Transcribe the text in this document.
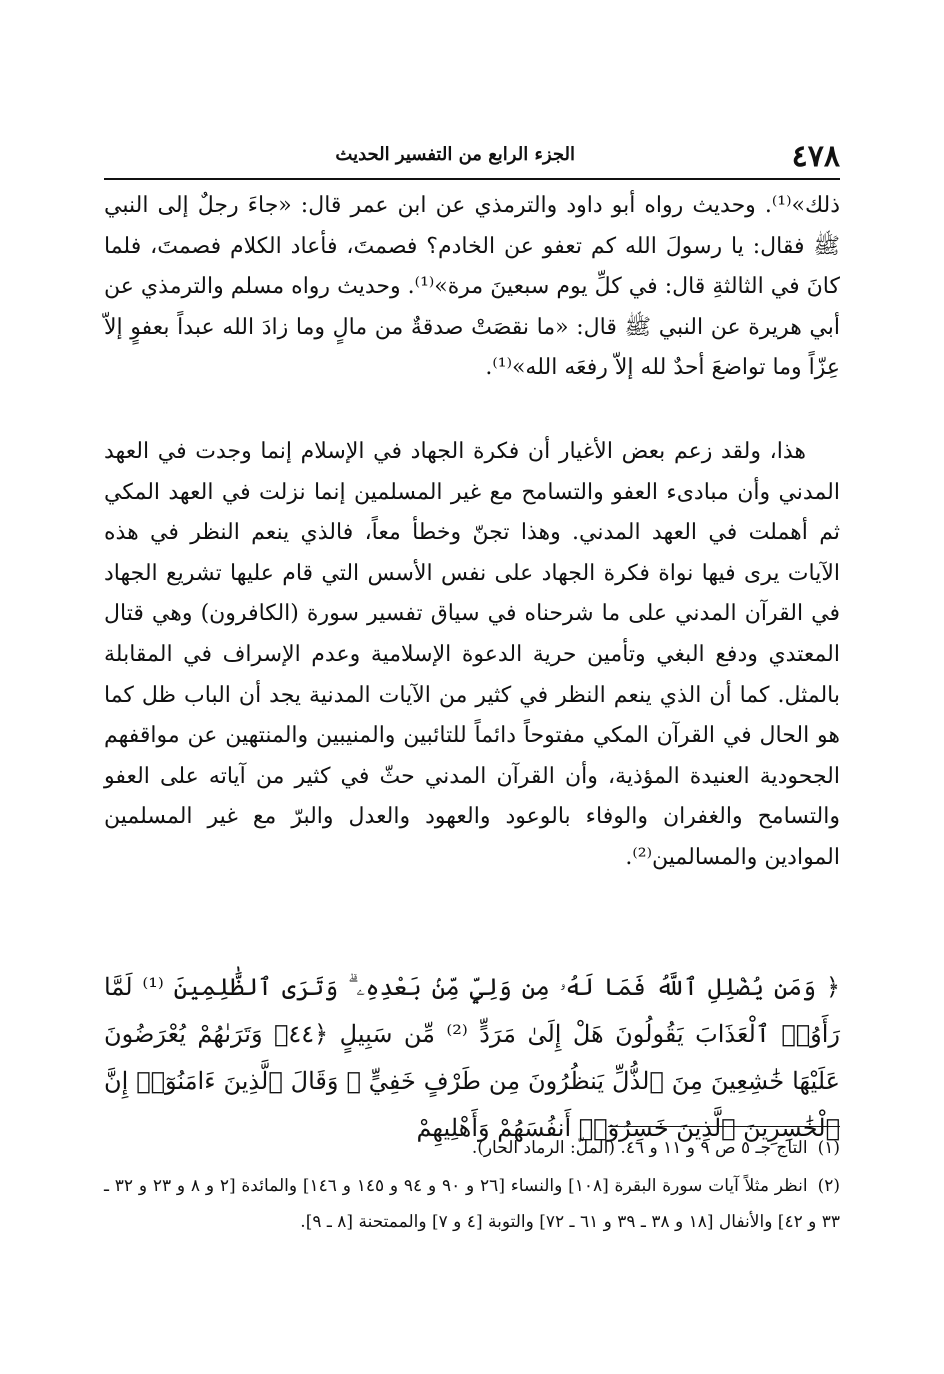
٤٧٨
الجزء الرابع من التفسير الحديث

ذلك»⁽¹⁾. وحديث رواه أبو داود والترمذي عن ابن عمر قال: «جاءَ رجلٌ إلى النبي ﷺ فقال: يا رسولَ الله كم تعفو عن الخادم؟ فصمتَ، فأعاد الكلام فصمتَ، فلما كانَ في الثالثةِ قال: في كلِّ يوم سبعينَ مرة»⁽¹⁾. وحديث رواه مسلم والترمذي عن أبي هريرة عن النبي ﷺ قال: «ما نقصَتْ صدقةٌ من مالٍ وما زادَ الله عبداً بعفوٍ إلاّ عِزّاً وما تواضعَ أحدٌ لله إلاّ رفعَه الله»⁽¹⁾.

هذا، ولقد زعم بعض الأغيار أن فكرة الجهاد في الإسلام إنما وجدت في العهد المدني وأن مبادىء العفو والتسامح مع غير المسلمين إنما نزلت في العهد المكي ثم أهملت في العهد المدني. وهذا تجنّ وخطأ معاً، فالذي ينعم النظر في هذه الآيات يرى فيها نواة فكرة الجهاد على نفس الأسس التي قام عليها تشريع الجهاد في القرآن المدني على ما شرحناه في سياق تفسير سورة (الكافرون) وهي قتال المعتدي ودفع البغي وتأمين حرية الدعوة الإسلامية وعدم الإسراف في المقابلة بالمثل. كما أن الذي ينعم النظر في كثير من الآيات المدنية يجد أن الباب ظل كما هو الحال في القرآن المكي مفتوحاً دائماً للتائبين والمنيبين والمنتهين عن مواقفهم الجحودية العنيدة المؤذية، وأن القرآن المدني حثّ في كثير من آياته على العفو والتسامح والغفران والوفاء بالوعود والعهود والعدل والبرّ مع غير المسلمين الموادين والمسالمين⁽²⁾.

﴿ وَمَن يُضْلِلِ ٱللَّهُ فَمَا لَهُۥ مِن وَلِيٍّ مِّنۢ بَعْدِهِۦ ۗ وَتَرَى ٱلظَّٰلِمِينَ ⁽¹⁾ لَمَّا رَأَوُا۟ ٱلْعَذَابَ يَقُولُونَ هَلْ إِلَىٰ مَرَدٍّ ⁽²⁾ مِّن سَبِيلٍ ﴿٤٤﴾ وَتَرَىٰهُمْ يُعْرَضُونَ عَلَيْهَا خَٰشِعِينَ مِنَ ٱلذُّلِّ يَنظُرُونَ مِن طَرْفٍ خَفِيٍّ ۗ وَقَالَ ٱلَّذِينَ ءَامَنُوٓا۟ إِنَّ ٱلْخَٰسِرِينَ ٱلَّذِينَ خَسِرُوٓا۟ أَنفُسَهُمْ وَأَهْلِيهِمْ

(١)التاج جـ ٥ ص ٩ و ١١ و ٤٦. (الملّ: الرماد الحار).

(٢)انظر مثلاً آيات سورة البقرة [١٠٨] والنساء [٢٦ و ٩٠ و ٩٤ و ١٤٥ و ١٤٦] والمائدة [٢ و ٨ و ٢٣ و ٣٢ ـ ٣٣ و ٤٢] والأنفال [١٨ و ٣٨ ـ ٣٩ و ٦١ ـ ٧٢] والتوبة [٤ و ٧] والممتحنة [٨ ـ ٩].
